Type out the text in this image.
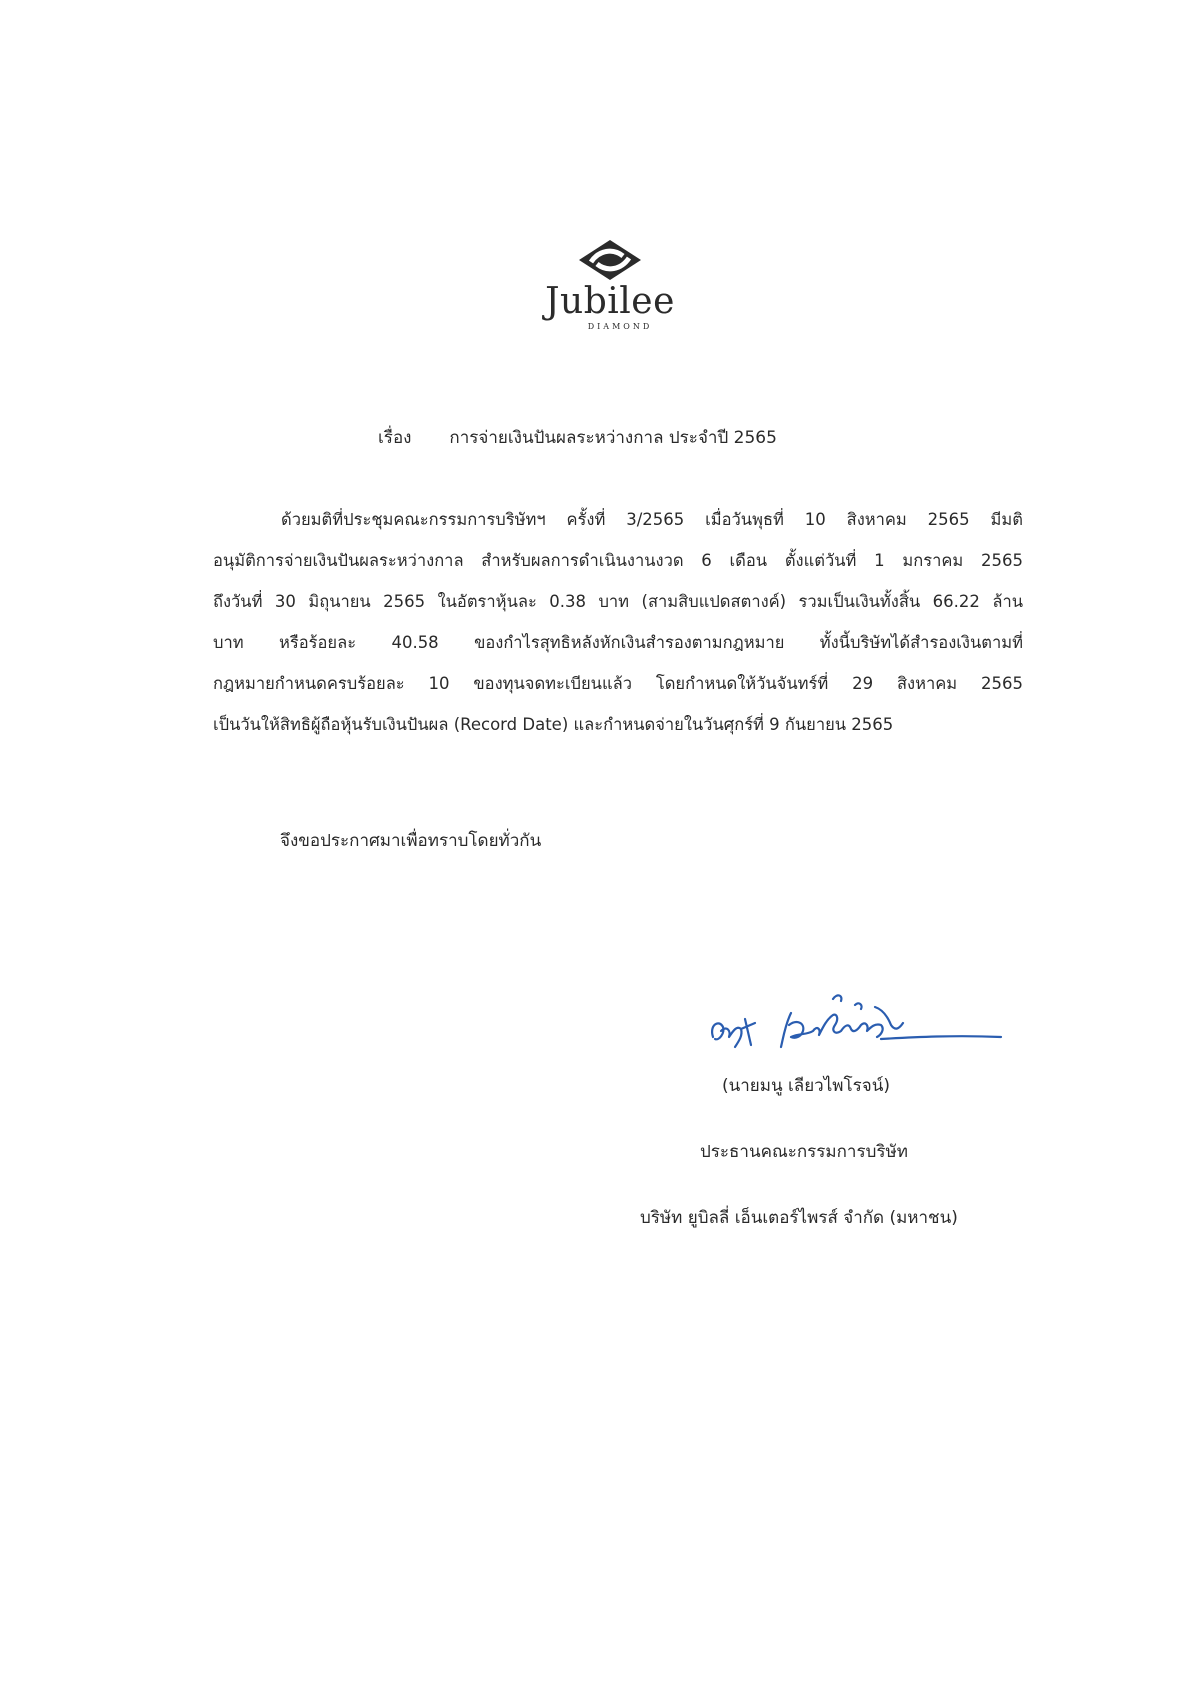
Jubilee
DIAMOND
เรื่อง การจ่ายเงินปันผลระหว่างกาล ประจำปี 2565
ด้วยมติที่ประชุมคณะกรรมการบริษัทฯ ครั้งที่ 3/2565 เมื่อวันพุธที่ 10 สิงหาคม 2565 มีมติ
อนุมัติการจ่ายเงินปันผลระหว่างกาล สำหรับผลการดำเนินงานงวด 6 เดือน ตั้งแต่วันที่ 1 มกราคม 2565
ถึงวันที่ 30 มิถุนายน 2565 ในอัตราหุ้นละ 0.38 บาท (สามสิบแปดสตางค์) รวมเป็นเงินทั้งสิ้น 66.22 ล้าน
บาท หรือร้อยละ 40.58 ของกำไรสุทธิหลังหักเงินสำรองตามกฎหมาย ทั้งนี้บริษัทได้สำรองเงินตามที่
กฎหมายกำหนดครบร้อยละ 10 ของทุนจดทะเบียนแล้ว โดยกำหนดให้วันจันทร์ที่ 29 สิงหาคม 2565
เป็นวันให้สิทธิผู้ถือหุ้นรับเงินปันผล (Record Date) และกำหนดจ่ายในวันศุกร์ที่ 9 กันยายน 2565
จึงขอประกาศมาเพื่อทราบโดยทั่วกัน
(นายมนู เลียวไพโรจน์)
ประธานคณะกรรมการบริษัท
บริษัท ยูบิลลี่ เอ็นเตอร์ไพรส์ จำกัด (มหาชน)
